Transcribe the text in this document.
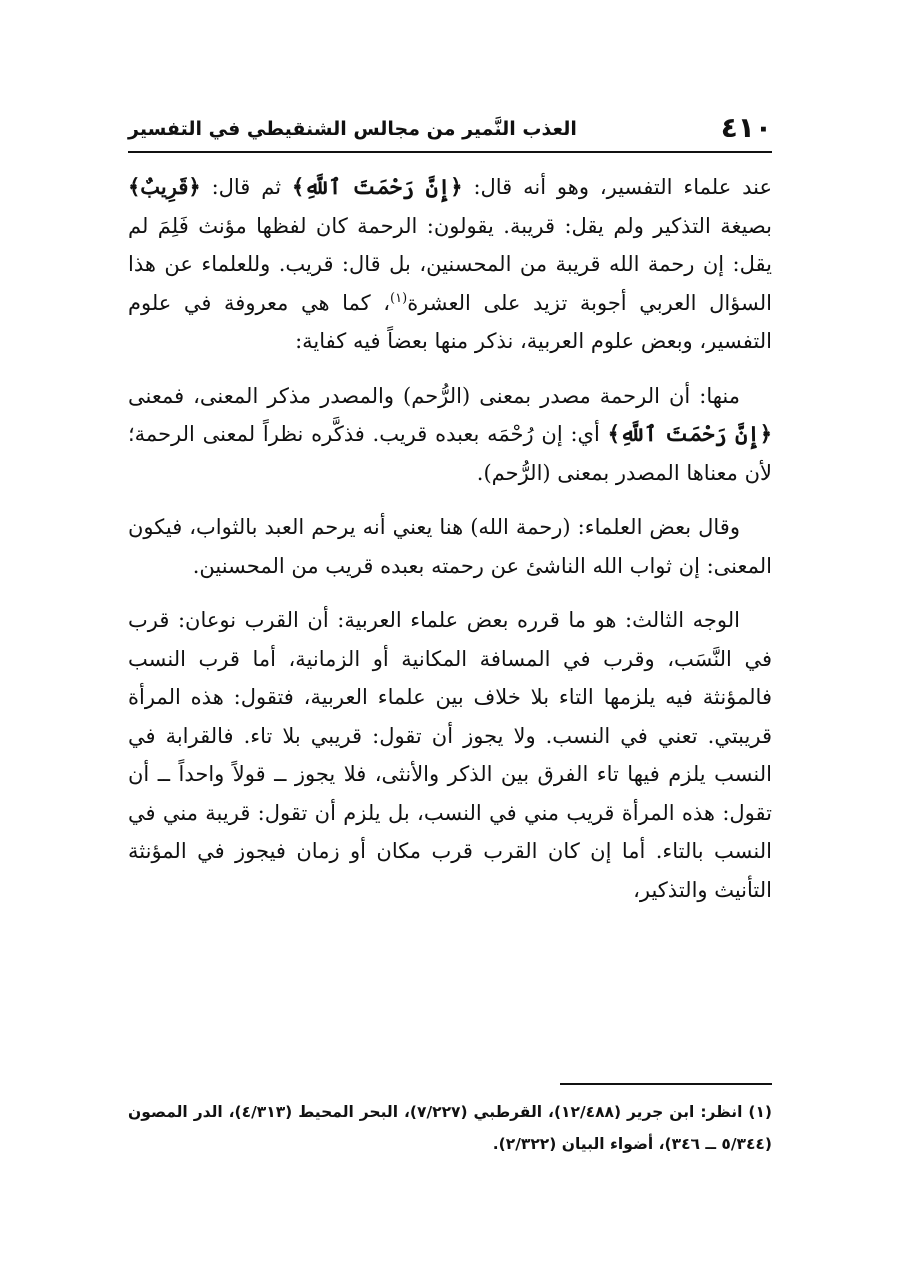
٤١٠
العذب النَّمير من مجالس الشنقيطي في التفسير

عند علماء التفسير، وهو أنه قال: ﴿إِنَّ رَحْمَتَ ٱللَّهِ﴾ ثم قال: ﴿قَرِيبٌ﴾ بصيغة التذكير ولم يقل: قريبة. يقولون: الرحمة كان لفظها مؤنث فَلِمَ لم يقل: إن رحمة الله قريبة من المحسنين، بل قال: قريب. وللعلماء عن هذا السؤال العربي أجوبة تزيد على العشرة$^{(١)}$، كما هي معروفة في علوم التفسير، وبعض علوم العربية، نذكر منها بعضاً فيه كفاية:

منها: أن الرحمة مصدر بمعنى (الرُّحم) والمصدر مذكر المعنى، فمعنى ﴿إِنَّ رَحْمَتَ ٱللَّهِ﴾ أي: إن رُحْمَه بعبده قريب. فذكَّره نظراً لمعنى الرحمة؛ لأن معناها المصدر بمعنى (الرُّحم).

وقال بعض العلماء: (رحمة الله) هنا يعني أنه يرحم العبد بالثواب، فيكون المعنى: إن ثواب الله الناشئ عن رحمته بعبده قريب من المحسنين.

الوجه الثالث: هو ما قرره بعض علماء العربية: أن القرب نوعان: قرب في النَّسَب، وقرب في المسافة المكانية أو الزمانية، أما قرب النسب فالمؤنثة فيه يلزمها التاء بلا خلاف بين علماء العربية، فتقول: هذه المرأة قريبتي. تعني في النسب. ولا يجوز أن تقول: قريبي بلا تاء. فالقرابة في النسب يلزم فيها تاء الفرق بين الذكر والأنثى، فلا يجوز ــ قولاً واحداً ــ أن تقول: هذه المرأة قريب مني في النسب، بل يلزم أن تقول: قريبة مني في النسب بالتاء. أما إن كان القرب قرب مكان أو زمان فيجوز في المؤنثة التأنيث والتذكير،

(١) انظر: ابن جرير (١٢/٤٨٨)، القرطبي (٧/٢٢٧)، البحر المحيط (٤/٣١٣)، الدر المصون (٥/٣٤٤ ــ ٣٤٦)، أضواء البيان (٢/٣٢٢).
